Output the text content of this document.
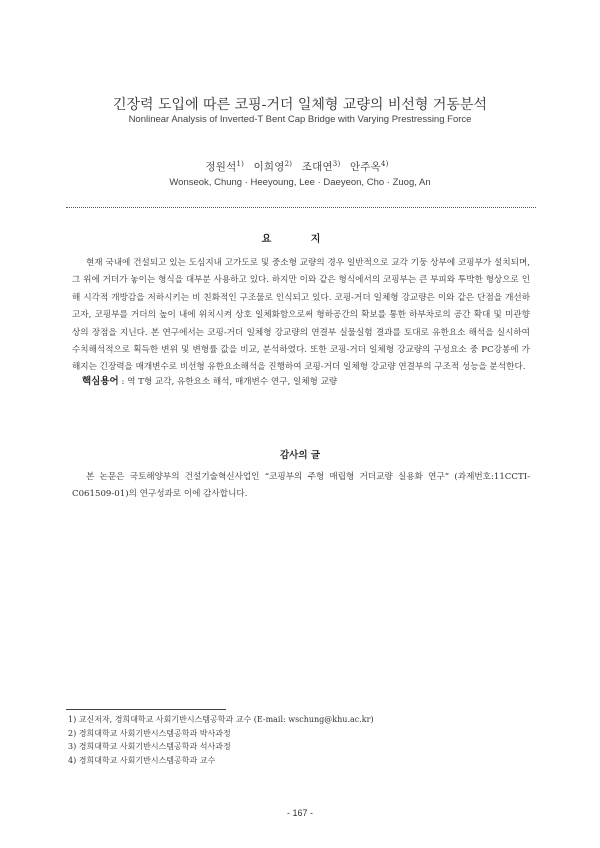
긴장력 도입에 따른 코핑-거더 일체형 교량의 비선형 거동분석
Nonlinear Analysis of Inverted-T Bent Cap Bridge with Varying Prestressing Force
정원석$^{1)}$ 이희영$^{2)}$ 조대연$^{3)}$ 안주옥$^{4)}$
Wonseok, Chung · Heeyoung, Lee · Daeyeon, Cho · Zuog, An
요 지
현재 국내에 건설되고 있는 도심지내 고가도로 및 중소형 교량의 경우 일반적으로 교각 기둥 상부에 코핑부가 설치되며, 그 위에 거더가 놓이는 형식을 대부분 사용하고 있다. 하지만 이와 같은 형식에서의 코핑부는 큰 부피와 투박한 형상으로 인해 시각적 개방감을 저하시키는 비 친화적인 구조물로 인식되고 있다. 코핑-거더 일체형 강교량은 이와 같은 단점을 개선하고자, 코핑부를 거더의 높이 내에 위치시켜 상호 일체화함으로써 형하공간의 확보를 통한 하부차로의 공간 확대 및 미관향상의 장점을 지닌다. 본 연구에서는 코핑-거더 일체형 강교량의 연결부 실물실험 결과를 토대로 유한요소 해석을 실시하여 수치해석적으로 획득한 변위 및 변형률 값을 비교, 분석하였다. 또한 코핑-거더 일체형 강교량의 구성요소 중 PC강봉에 가해지는 긴장력을 매개변수로 비선형 유한요소해석을 진행하여 코핑-거더 일체형 강교량 연결부의 구조적 성능을 분석한다.
핵심용어 : 역 T형 교각, 유한요소 해석, 매개변수 연구, 일체형 교량
감사의 글
본 논문은 국토해양부의 건설기술혁신사업인 “코핑부의 주형 매립형 거더교량 실용화 연구” (과제번호:11CCTI-C061509-01)의 연구성과로 이에 감사합니다.
1) 교신저자, 경희대학교 사회기반시스템공학과 교수 (E-mail: wschung@khu.ac.kr)
2) 경희대학교 사회기반시스템공학과 박사과정
3) 경희대학교 사회기반시스템공학과 석사과정
4) 경희대학교 사회기반시스템공학과 교수
- 167 -
